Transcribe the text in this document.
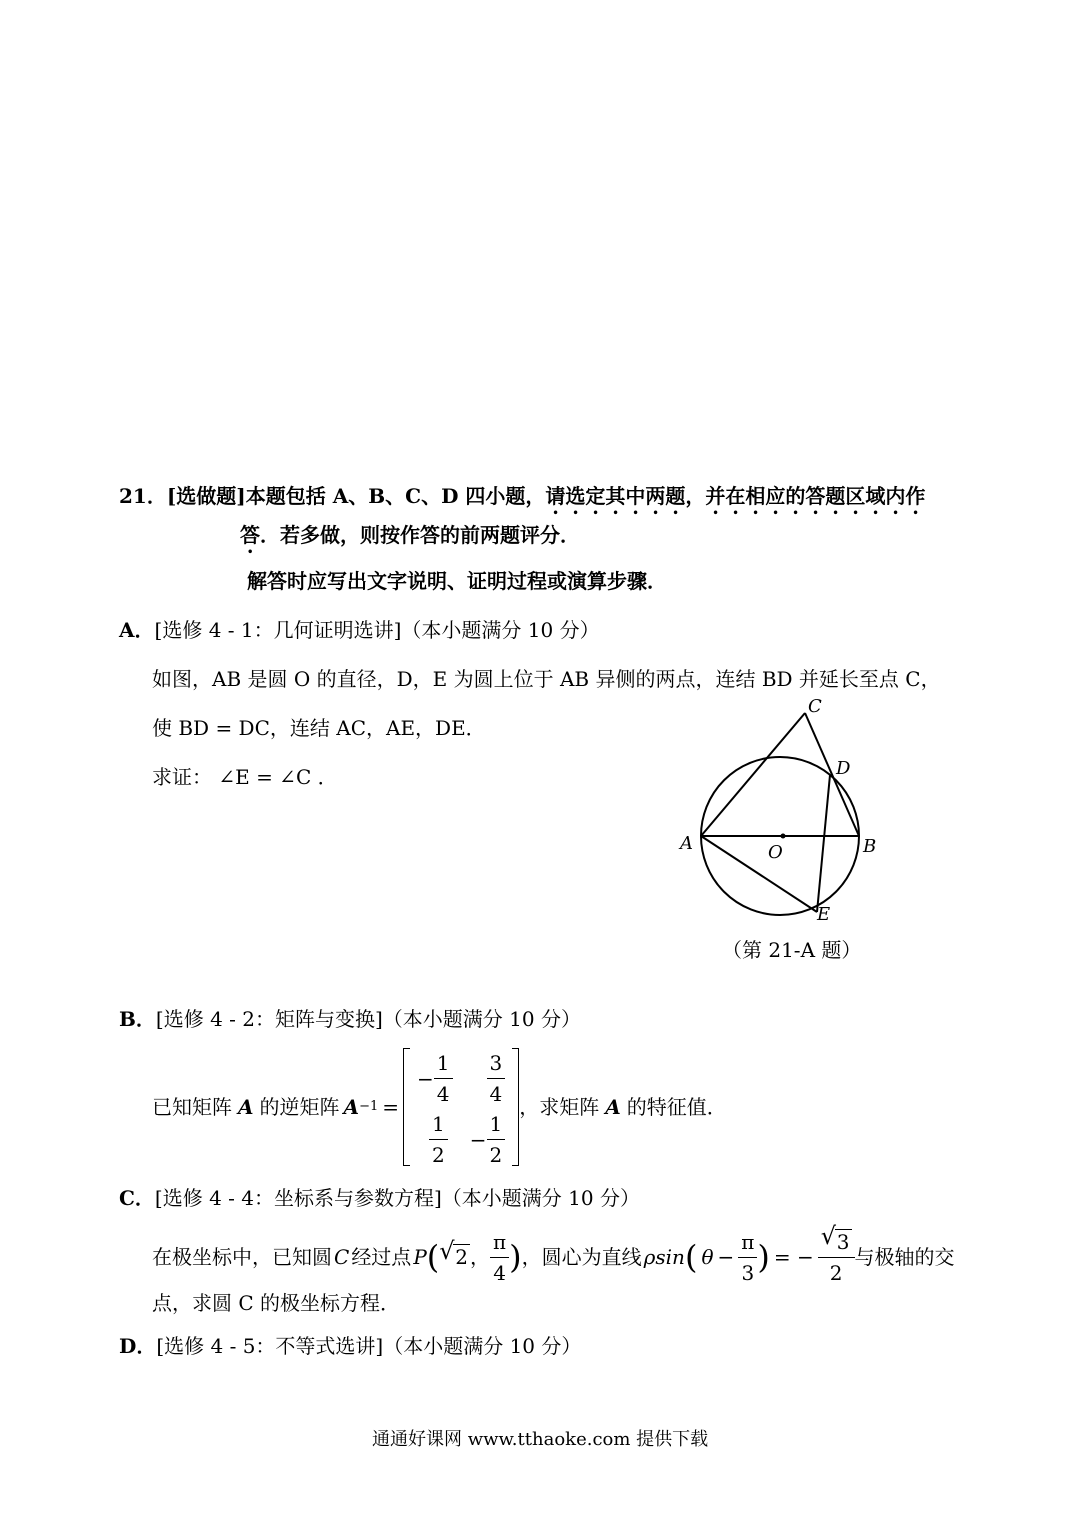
21．[选做题]本题包括 A、B、C、D 四小题，请选定其中两题，并在相应的答题区域内作
答．若多做，则按作答的前两题评分．
解答时应写出文字说明、证明过程或演算步骤．
A．[选修 4 - 1：几何证明选讲]（本小题满分 10 分）
如图，AB 是圆 O 的直径，D，E 为圆上位于 AB 异侧的两点，连结 BD 并延长至点 C，
使 BD = DC，连结 AC，AE，DE．
求证： ∠E = ∠C ．
C
D
A	O	B
E
（第 21-A 题）
B．[选修 4 - 2：矩阵与变换]（本小题满分 10 分）
已知矩阵 A 的逆矩阵 A −1 =
− $\frac{1}{4} \frac{3}{4}$
$\frac{1}{2} - \frac{1}{2}$
，求矩阵 A 的特征值．
C．[选修 4 - 4：坐标系与参数方程]（本小题满分 10 分）
在极坐标中，已知圆 C 经过点 P ( √ 2 ， $\frac{\pi}{4}$ ) ，圆心为直线 ρsin ( $\theta - \frac{\pi}{3}$ ) = − $\frac{√ 3}{2}$ 与极轴的交
点，求圆 C 的极坐标方程．
D．[选修 4 - 5：不等式选讲]（本小题满分 10 分）
通通好课网 www.tthaoke.com 提供下载
